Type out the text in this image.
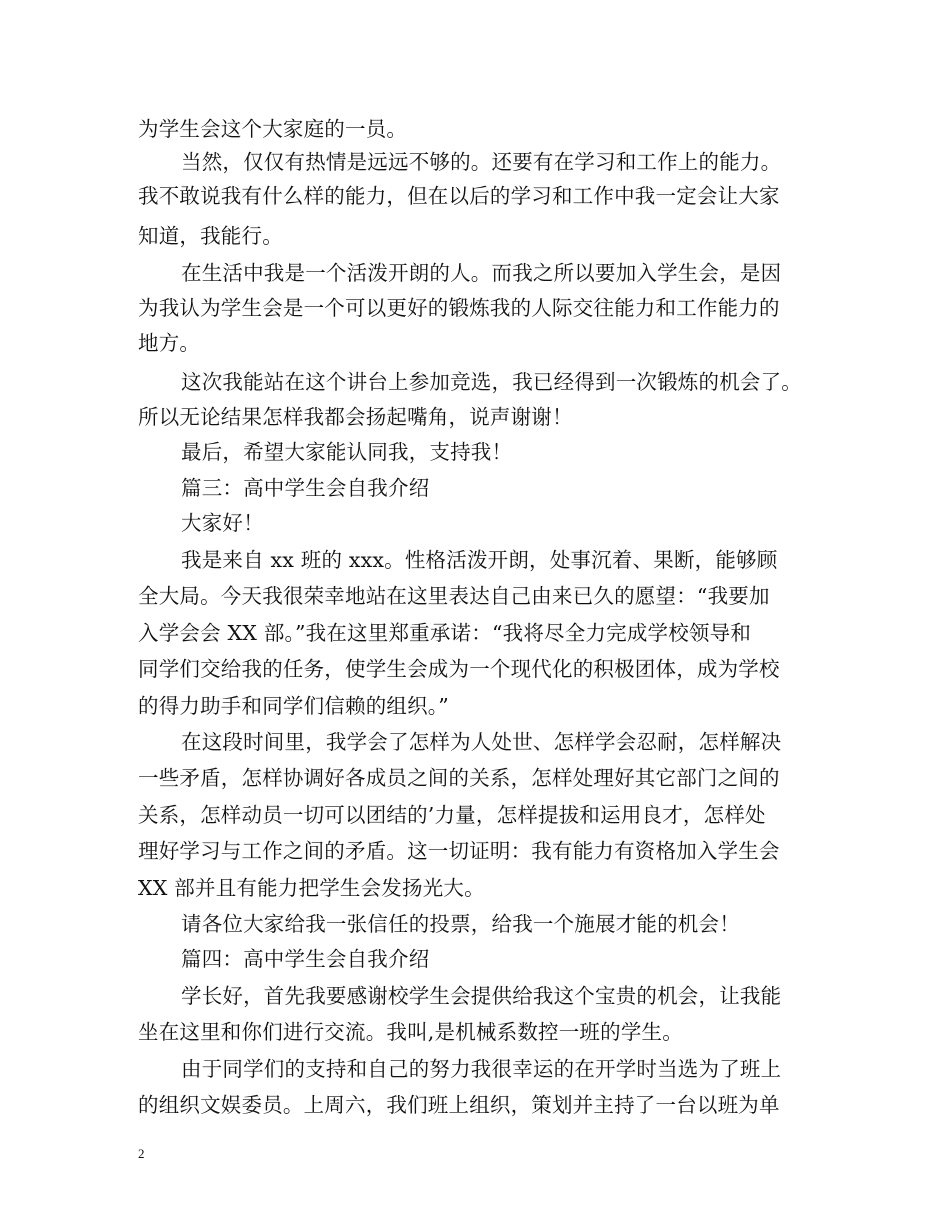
为学生会这个大家庭的一员。
当然，仅仅有热情是远远不够的。还要有在学习和工作上的能力。
我不敢说我有什么样的能力，但在以后的学习和工作中我一定会让大家
知道，我能行。
在生活中我是一个活泼开朗的人。而我之所以要加入学生会，是因
为我认为学生会是一个可以更好的锻炼我的人际交往能力和工作能力的
地方。
这次我能站在这个讲台上参加竞选，我已经得到一次锻炼的机会了。
所以无论结果怎样我都会扬起嘴角，说声谢谢！
最后，希望大家能认同我，支持我！
篇三：高中学生会自我介绍
大家好！
我是来自 xx 班的 xxx。性格活泼开朗，处事沉着、果断，能够顾
全大局。今天我很荣幸地站在这里表达自己由来已久的愿望：“我要加
入学会会 XX 部。”我在这里郑重承诺：“我将尽全力完成学校领导和
同学们交给我的任务，使学生会成为一个现代化的积极团体，成为学校
的得力助手和同学们信赖的组织。”
在这段时间里，我学会了怎样为人处世、怎样学会忍耐，怎样解决
一些矛盾，怎样协调好各成员之间的关系，怎样处理好其它部门之间的
关系，怎样动员一切可以团结的’力量，怎样提拔和运用良才，怎样处
理好学习与工作之间的矛盾。这一切证明：我有能力有资格加入学生会
XX 部并且有能力把学生会发扬光大。
请各位大家给我一张信任的投票，给我一个施展才能的机会！
篇四：高中学生会自我介绍
学长好，首先我要感谢校学生会提供给我这个宝贵的机会，让我能
坐在这里和你们进行交流。我叫,是机械系数控一班的学生。
由于同学们的支持和自己的努力我很幸运的在开学时当选为了班上
的组织文娱委员。上周六，我们班上组织，策划并主持了一台以班为单
2
